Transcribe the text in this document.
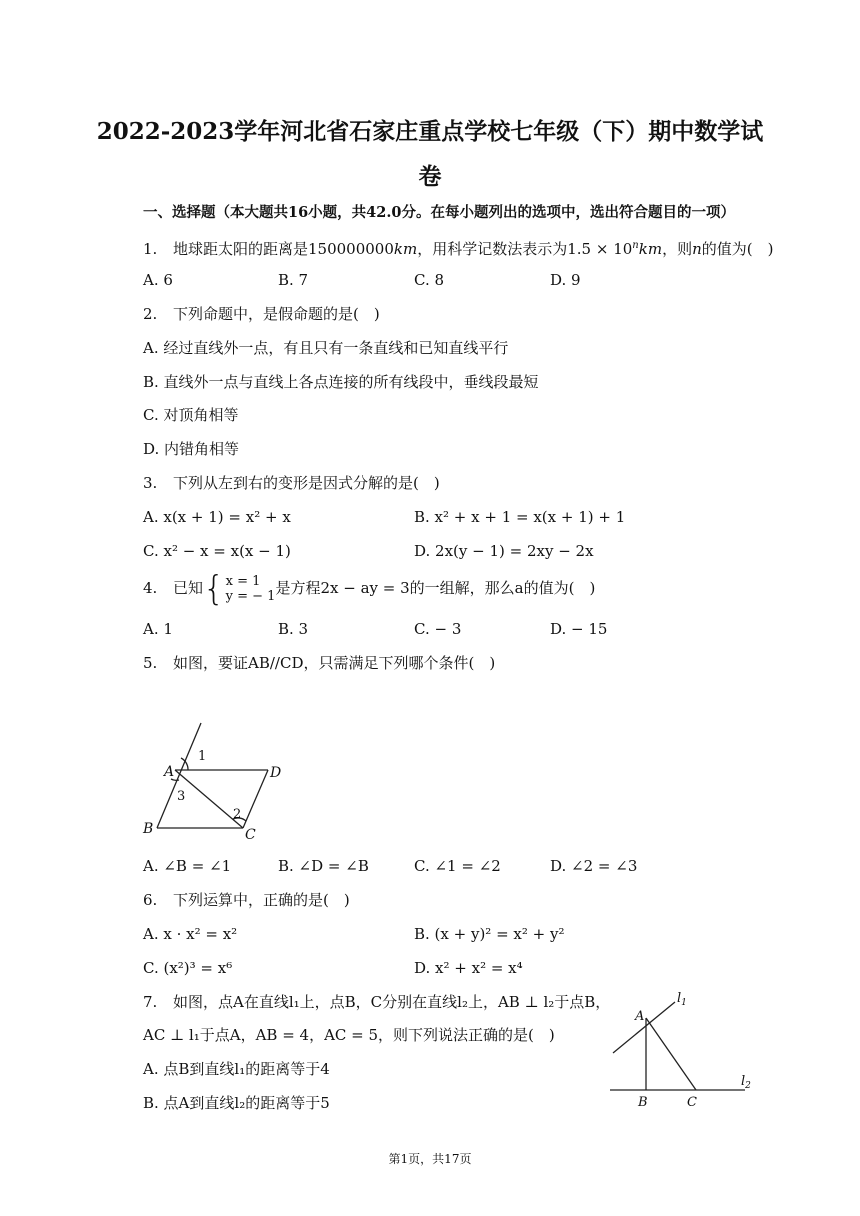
2022-2023学年河北省石家庄重点学校七年级（下）期中数学试
卷
一、选择题（本大题共16小题，共42.0分。在每小题列出的选项中，选出符合题目的一项）
1. 地球距太阳的距离是150000000km，用科学记数法表示为$1.5 \times 10^nkm$，则n的值为(　)
A. 6	B. 7	C. 8	D. 9
2. 下列命题中，是假命题的是(　)
A. 经过直线外一点，有且只有一条直线和已知直线平行
B. 直线外一点与直线上各点连接的所有线段中，垂线段最短
C. 对顶角相等
D. 内错角相等
3. 下列从左到右的变形是因式分解的是(　)
A. x(x + 1) = x² + x	B. x² + x + 1 = x(x + 1) + 1
C. x² − x = x(x − 1)	D. 2x(y − 1) = 2xy − 2x
4. 已知 { x = 1
y = − 1 是方程2x − ay = 3的一组解，那么a的值为(　)
A. 1	B. 3	C. − 3	D. − 15
5. 如图，要证AB//CD，只需满足下列哪个条件(　)
A
B	C
D
1
3
2
A. ∠B = ∠1	B. ∠D = ∠B	C. ∠1 = ∠2	D. ∠2 = ∠3
6. 下列运算中，正确的是(　)
A. x · x² = x²	B. (x + y)² = x² + y²
C. (x²)³ = x⁶	D. x² + x² = x⁴
7. 如图，点A在直线l₁上，点B，C分别在直线l₂上，AB ⊥ l₂于点B，
AC ⊥ l₁于点A，AB = 4，AC = 5，则下列说法正确的是(　)
A. 点B到直线l₁的距离等于4
B. 点A到直线l₂的距离等于5
A
B	C
$l_1$
$l_2$
第1页，共17页
